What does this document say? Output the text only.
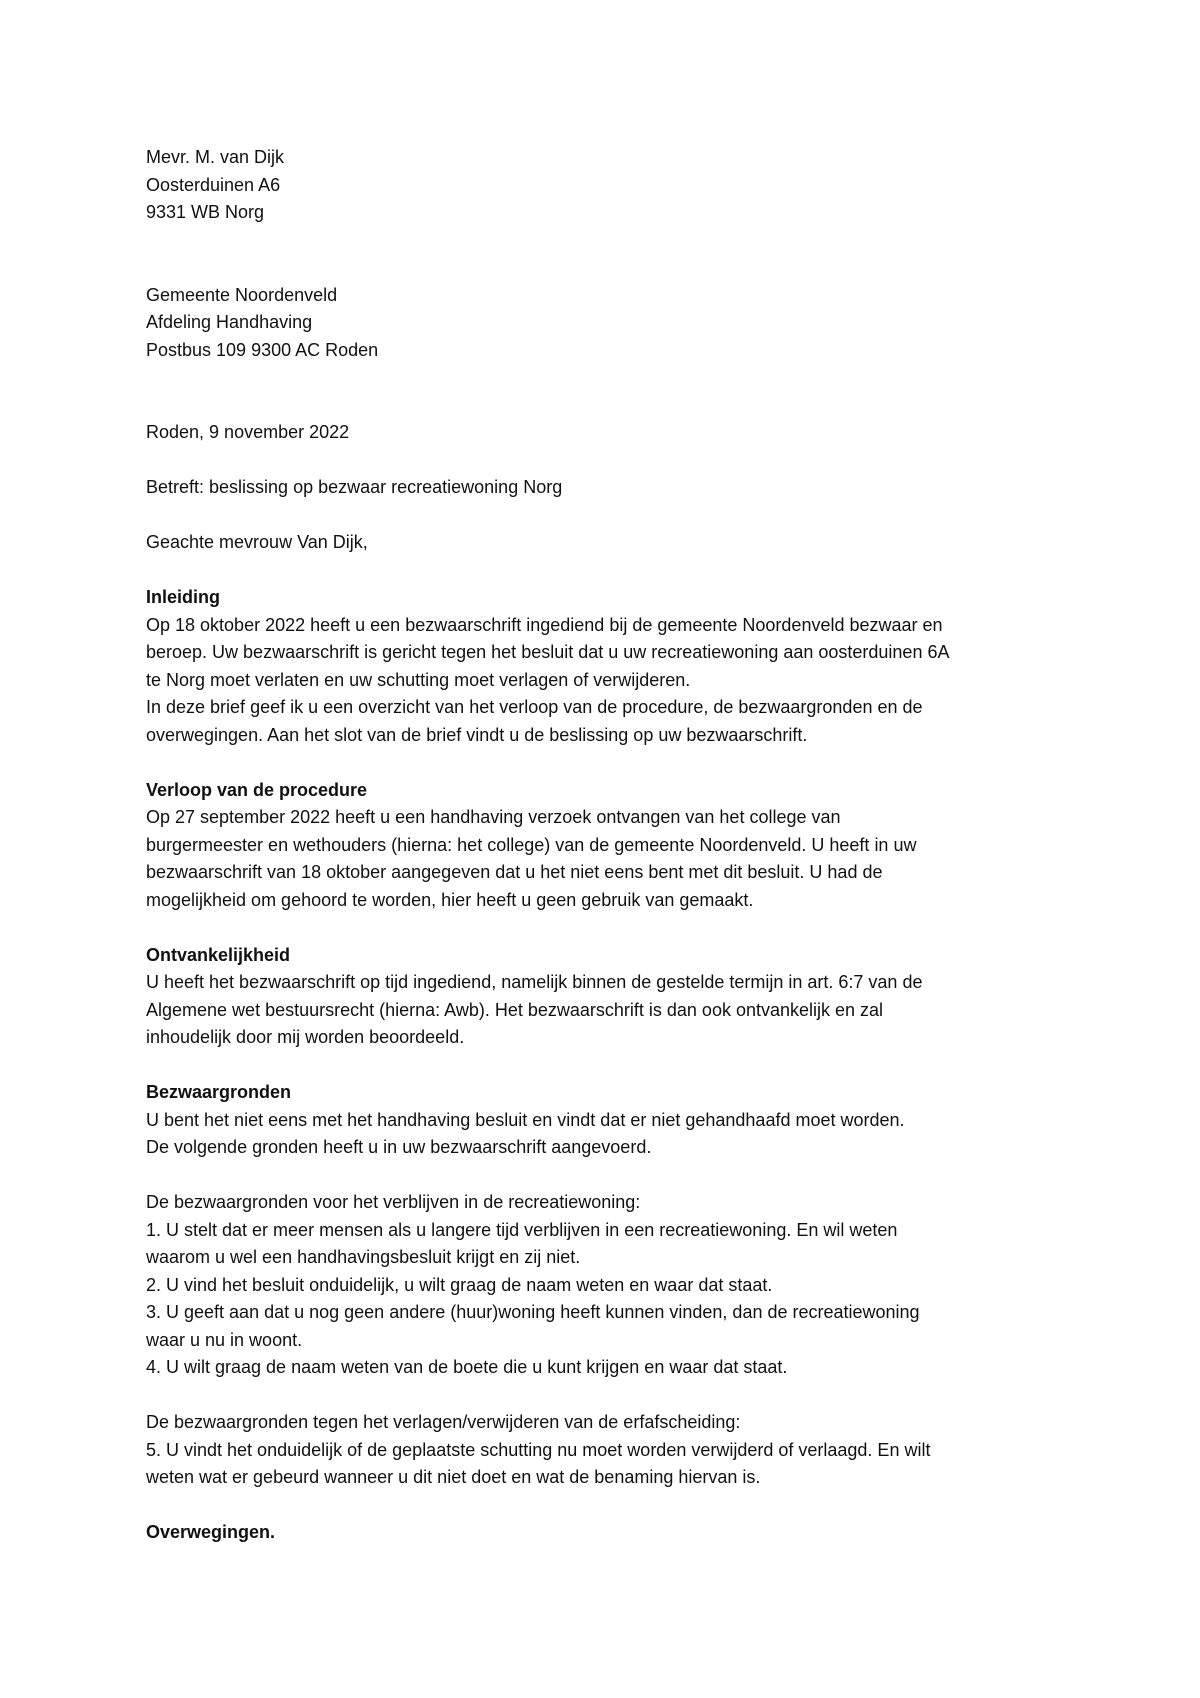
Mevr. M. van Dijk
Oosterduinen A6
9331 WB Norg
Gemeente Noordenveld
Afdeling Handhaving
Postbus 109 9300 AC Roden
Roden, 9 november 2022
Betreft: beslissing op bezwaar recreatiewoning Norg
Geachte mevrouw Van Dijk,
Inleiding
Op 18 oktober 2022 heeft u een bezwaarschrift ingediend bij de gemeente Noordenveld bezwaar en
beroep. Uw bezwaarschrift is gericht tegen het besluit dat u uw recreatiewoning aan oosterduinen 6A
te Norg moet verlaten en uw schutting moet verlagen of verwijderen.
In deze brief geef ik u een overzicht van het verloop van de procedure, de bezwaargronden en de
overwegingen. Aan het slot van de brief vindt u de beslissing op uw bezwaarschrift.
Verloop van de procedure
Op 27 september 2022 heeft u een handhaving verzoek ontvangen van het college van
burgermeester en wethouders (hierna: het college) van de gemeente Noordenveld. U heeft in uw
bezwaarschrift van 18 oktober aangegeven dat u het niet eens bent met dit besluit. U had de
mogelijkheid om gehoord te worden, hier heeft u geen gebruik van gemaakt.
Ontvankelijkheid
U heeft het bezwaarschrift op tijd ingediend, namelijk binnen de gestelde termijn in art. 6:7 van de
Algemene wet bestuursrecht (hierna: Awb). Het bezwaarschrift is dan ook ontvankelijk en zal
inhoudelijk door mij worden beoordeeld.
Bezwaargronden
U bent het niet eens met het handhaving besluit en vindt dat er niet gehandhaafd moet worden.
De volgende gronden heeft u in uw bezwaarschrift aangevoerd.
De bezwaargronden voor het verblijven in de recreatiewoning:
1. U stelt dat er meer mensen als u langere tijd verblijven in een recreatiewoning. En wil weten
waarom u wel een handhavingsbesluit krijgt en zij niet.
2. U vind het besluit onduidelijk, u wilt graag de naam weten en waar dat staat.
3. U geeft aan dat u nog geen andere (huur)woning heeft kunnen vinden, dan de recreatiewoning
waar u nu in woont.
4. U wilt graag de naam weten van de boete die u kunt krijgen en waar dat staat.
De bezwaargronden tegen het verlagen/verwijderen van de erfafscheiding:
5. U vindt het onduidelijk of de geplaatste schutting nu moet worden verwijderd of verlaagd. En wilt
weten wat er gebeurd wanneer u dit niet doet en wat de benaming hiervan is.
Overwegingen.
